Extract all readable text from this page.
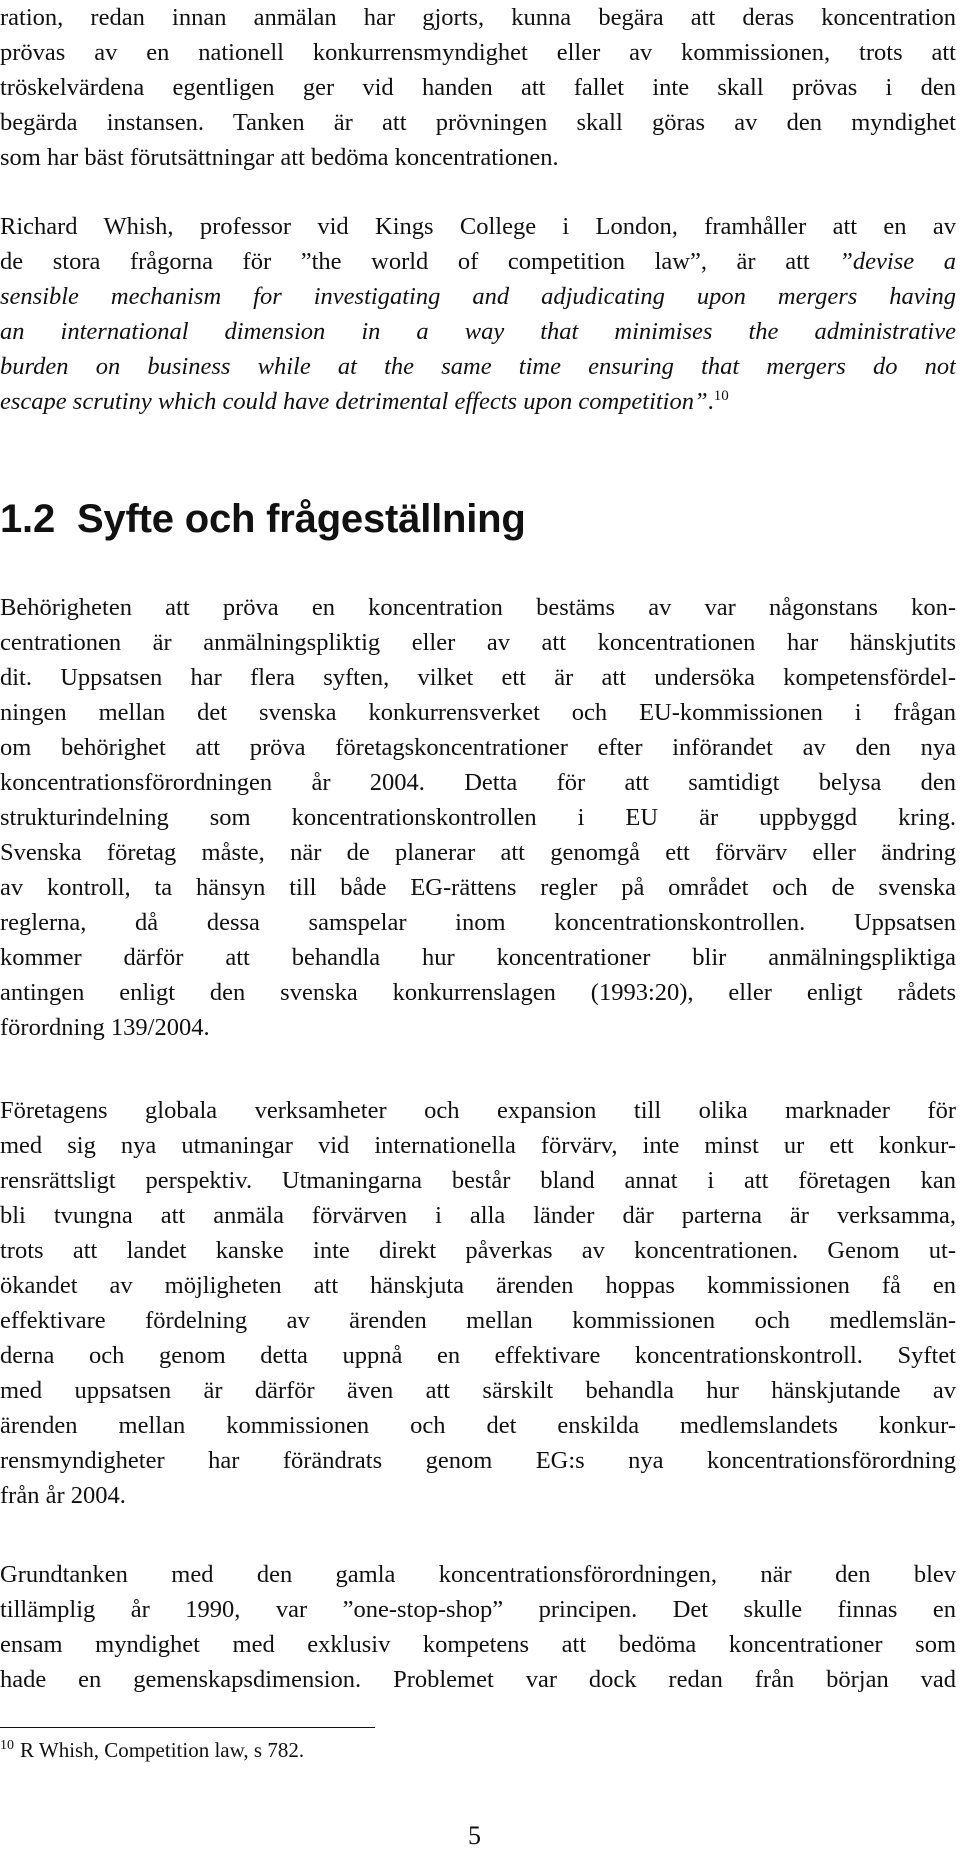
ration, redan innan anmälan har gjorts, kunna begära att deras koncentration
prövas av en nationell konkurrensmyndighet eller av kommissionen, trots att
tröskelvärdena egentligen ger vid handen att fallet inte skall prövas i den
begärda instansen. Tanken är att prövningen skall göras av den myndighet
som har bäst förutsättningar att bedöma koncentrationen.
Richard Whish, professor vid Kings College i London, framhåller att en av
de stora frågorna för ”the world of competition law”, är att ”devise a
sensible mechanism for investigating and adjudicating upon mergers having
an international dimension in a way that minimises the administrative
burden on business while at the same time ensuring that mergers do not
escape scrutiny which could have detrimental effects upon competition”.$^{10}$
1.2 Syfte och frågeställning
Behörigheten att pröva en koncentration bestäms av var någonstans kon-
centrationen är anmälningspliktig eller av att koncentrationen har hänskjutits
dit. Uppsatsen har flera syften, vilket ett är att undersöka kompetensfördel-
ningen mellan det svenska konkurrensverket och EU-kommissionen i frågan
om behörighet att pröva företagskoncentrationer efter införandet av den nya
koncentrationsförordningen år 2004. Detta för att samtidigt belysa den
strukturindelning som koncentrationskontrollen i EU är uppbyggd kring.
Svenska företag måste, när de planerar att genomgå ett förvärv eller ändring
av kontroll, ta hänsyn till både EG-rättens regler på området och de svenska
reglerna, då dessa samspelar inom koncentrationskontrollen. Uppsatsen
kommer därför att behandla hur koncentrationer blir anmälningspliktiga
antingen enligt den svenska konkurrenslagen (1993:20), eller enligt rådets
förordning 139/2004.
Företagens globala verksamheter och expansion till olika marknader för
med sig nya utmaningar vid internationella förvärv, inte minst ur ett konkur-
rensrättsligt perspektiv. Utmaningarna består bland annat i att företagen kan
bli tvungna att anmäla förvärven i alla länder där parterna är verksamma,
trots att landet kanske inte direkt påverkas av koncentrationen. Genom ut-
ökandet av möjligheten att hänskjuta ärenden hoppas kommissionen få en
effektivare fördelning av ärenden mellan kommissionen och medlemslän-
derna och genom detta uppnå en effektivare koncentrationskontroll. Syftet
med uppsatsen är därför även att särskilt behandla hur hänskjutande av
ärenden mellan kommissionen och det enskilda medlemslandets konkur-
rensmyndigheter har förändrats genom EG:s nya koncentrationsförordning
från år 2004.
Grundtanken med den gamla koncentrationsförordningen, när den blev
tillämplig år 1990, var ”one-stop-shop” principen. Det skulle finnas en
ensam myndighet med exklusiv kompetens att bedöma koncentrationer som
hade en gemenskapsdimension. Problemet var dock redan från början vad

$^{10}$ R Whish, Competition law, s 782.

5
